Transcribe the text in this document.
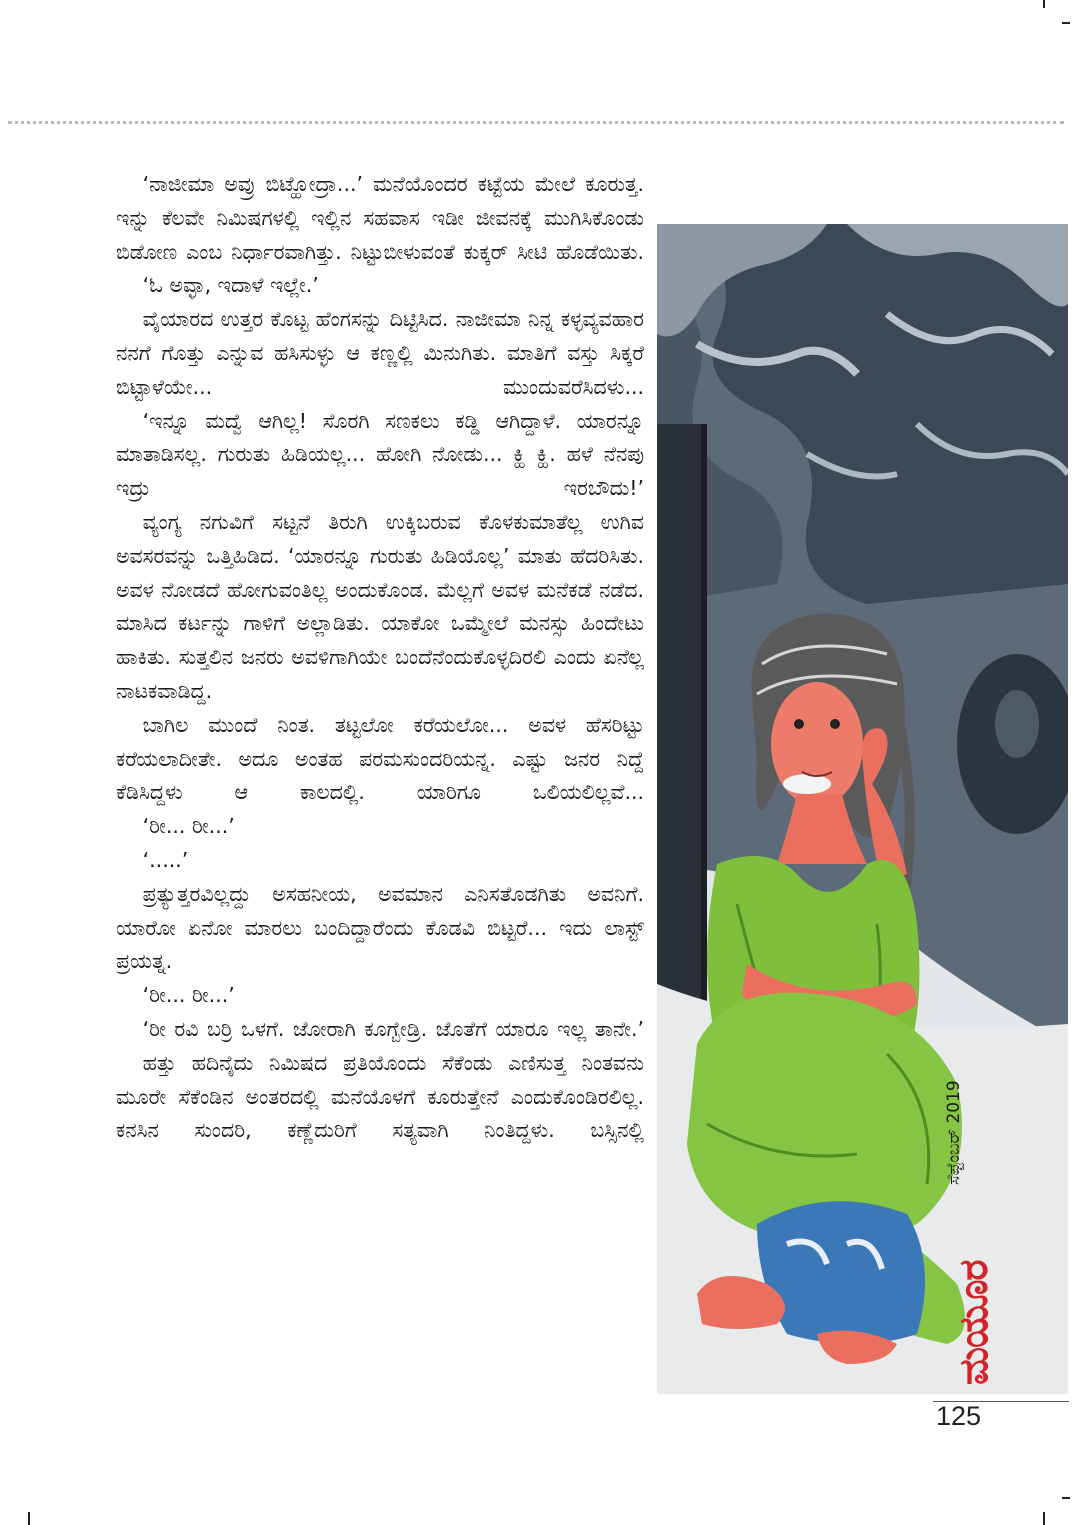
‘ನಾಜೀಮಾ ಅವ್ರು ಬಿಟ್ಹೋದ್ರಾ...’ ಮನೆಯೊಂದರ ಕಟ್ಟೆಯ ಮೇಲೆ ಕೂರುತ್ತ. ಇನ್ನು ಕೆಲವೇ ನಿಮಿಷಗಳಲ್ಲಿ ಇಲ್ಲಿನ ಸಹವಾಸ ಇಡೀ ಜೀವನಕ್ಕೆ ಮುಗಿಸಿಕೊಂಡು ಬಿಡೋಣ ಎಂಬ ನಿರ್ಧಾರವಾಗಿತ್ತು. ನಿಟ್ಟುಬೀಳುವಂತೆ ಕುಕ್ಕರ್ ಸೀಟಿ ಹೊಡೆಯಿತು.

‘ಓ ಅವ್ಳಾ, ಇದಾಳೆ ಇಲ್ಲೇ.’

ವೈಯಾರದ ಉತ್ತರ ಕೊಟ್ಟ ಹೆಂಗಸನ್ನು ದಿಟ್ಟಿಸಿದ. ನಾಜೀಮಾ ನಿನ್ನ ಕಳ್ಳವ್ಯವಹಾರ ನನಗೆ ಗೊತ್ತು ಎನ್ನುವ ಹಸಿಸುಳ್ಳು ಆ ಕಣ್ಣಲ್ಲಿ ಮಿನುಗಿತು. ಮಾತಿಗೆ ವಸ್ತು ಸಿಕ್ಕರೆ ಬಿಟ್ಟಾಳೆಯೇ... ಮುಂದುವರೆಸಿದಳು...

‘ಇನ್ನೂ ಮದ್ವೆ ಆಗಿಲ್ಲ! ಸೊರಗಿ ಸಣಕಲು ಕಡ್ಡಿ ಆಗಿದ್ದಾಳೆ. ಯಾರನ್ನೂ ಮಾತಾಡಿಸಲ್ಲ. ಗುರುತು ಹಿಡಿಯಲ್ಲ... ಹೋಗಿ ನೋಡು... ಕ್ಹಿ ಕ್ಹಿ. ಹಳೆ ನೆನಪು ಇದ್ರು ಇರಬೌದು!’

ವ್ಯಂಗ್ಯ ನಗುವಿಗೆ ಸಟ್ಟನೆ ತಿರುಗಿ ಉಕ್ಕಿಬರುವ ಕೊಳಕುಮಾತೆಲ್ಲ ಉಗಿವ ಅವಸರವನ್ನು ಒತ್ತಿಹಿಡಿದ. ‘ಯಾರನ್ನೂ ಗುರುತು ಹಿಡಿಯೊಲ್ಲ’ ಮಾತು ಹೆದರಿಸಿತು. ಅವಳ ನೋಡದೆ ಹೋಗುವಂತಿಲ್ಲ ಅಂದುಕೊಂಡ. ಮೆಲ್ಲಗೆ ಅವಳ ಮನೆಕಡೆ ನಡೆದ. ಮಾಸಿದ ಕರ್ಟನ್ನು ಗಾಳಿಗೆ ಅಲ್ಲಾಡಿತು. ಯಾಕೋ ಒಮ್ಮೇಲೆ ಮನಸ್ಸು ಹಿಂದೇಟು ಹಾಕಿತು. ಸುತ್ತಲಿನ ಜನರು ಅವಳಿಗಾಗಿಯೇ ಬಂದೆನೆಂದುಕೊಳ್ಳದಿರಲಿ ಎಂದು ಏನೆಲ್ಲ ನಾಟಕವಾಡಿದ್ದ.

ಬಾಗಿಲ ಮುಂದೆ ನಿಂತ. ತಟ್ಟಲೋ ಕರೆಯಲೋ... ಅವಳ ಹೆಸರಿಟ್ಟು ಕರೆಯಲಾದೀತೇ. ಅದೂ ಅಂತಹ ಪರಮಸುಂದರಿಯನ್ನ. ಎಷ್ಟು ಜನರ ನಿದ್ದೆ ಕೆಡಿಸಿದ್ದಳು ಆ ಕಾಲದಲ್ಲಿ. ಯಾರಿಗೂ ಒಲಿಯಲಿಲ್ಲವೆ...

‘ರೀ... ರೀ...’

‘.....’

ಪ್ರತ್ಯುತ್ತರವಿಲ್ಲದ್ದು ಅಸಹನೀಯ, ಅವಮಾನ ಎನಿಸತೊಡಗಿತು ಅವನಿಗೆ. ಯಾರೋ ಏನೋ ಮಾರಲು ಬಂದಿದ್ದಾರೆಂದು ಕೊಡವಿ ಬಿಟ್ಟರೆ... ಇದು ಲಾಸ್ಟ್ ಪ್ರಯತ್ನ.

‘ರೀ... ರೀ...’

‘ರೀ ರವಿ ಬರ್ರಿ ಒಳಗೆ. ಜೋರಾಗಿ ಕೂಗ್ಬೇಡ್ರಿ. ಜೊತೆಗೆ ಯಾರೂ ಇಲ್ಲ ತಾನೇ.’

ಹತ್ತು ಹದಿನೈದು ನಿಮಿಷದ ಪ್ರತಿಯೊಂದು ಸೆಕೆಂಡು ಎಣಿಸುತ್ತ ನಿಂತವನು ಮೂರೇ ಸೆಕೆಂಡಿನ ಅಂತರದಲ್ಲಿ ಮನೆಯೊಳಗೆ ಕೂರುತ್ತೇನೆ ಎಂದುಕೊಂಡಿರಲಿಲ್ಲ. ಕನಸಿನ ಸುಂದರಿ, ಕಣ್ಣೆದುರಿಗೆ ಸತ್ಯವಾಗಿ ನಿಂತಿದ್ದಳು. ಬಸ್ಸಿನಲ್ಲಿ	ಸೆಪ್ಟೆಂಬರ್ 2019
ಮಯೂರ
125
